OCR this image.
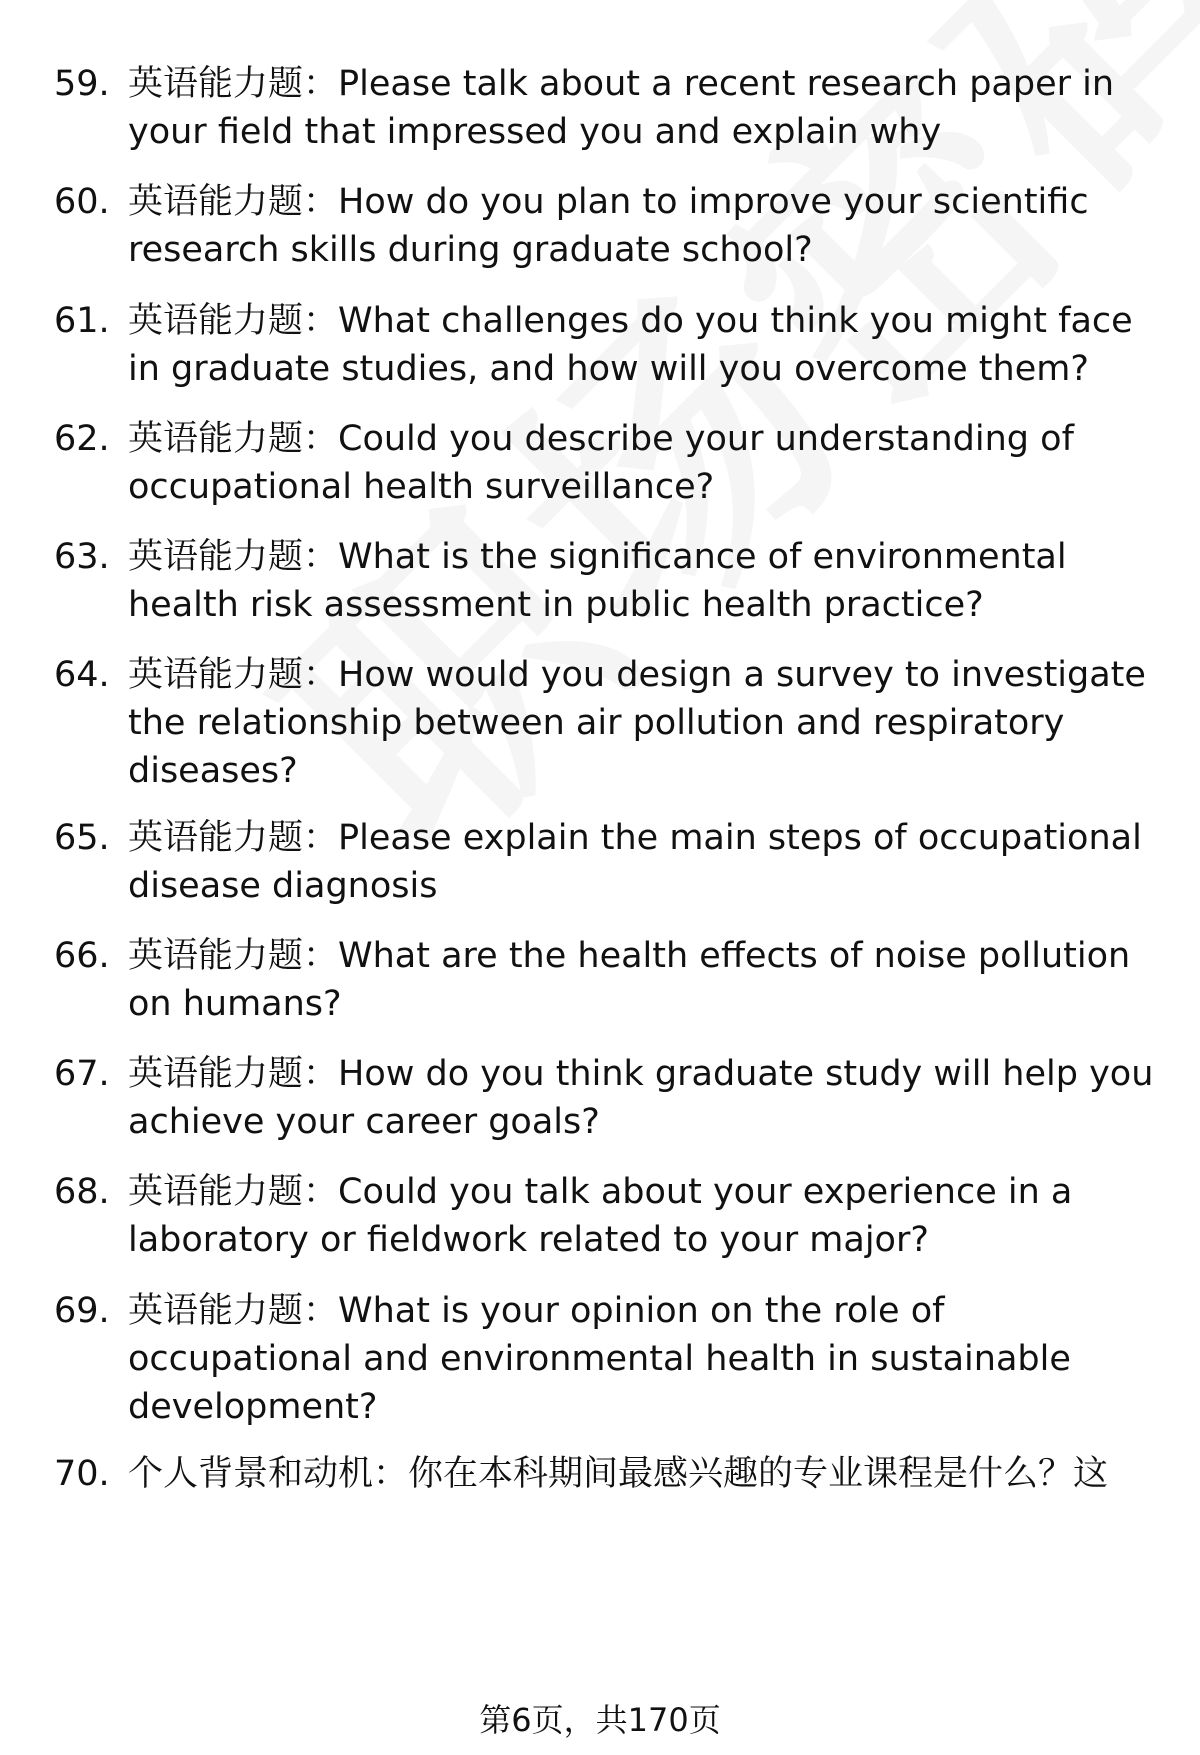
59. 英语能力题：Please talk about a recent research paper in your field that impressed you and explain why
60. 英语能力题：How do you plan to improve your scientific research skills during graduate school?
61. 英语能力题：What challenges do you think you might face in graduate studies, and how will you overcome them?
62. 英语能力题：Could you describe your understanding of occupational health surveillance?
63. 英语能力题：What is the significance of environmental health risk assessment in public health practice?
64. 英语能力题：How would you design a survey to investigate the relationship between air pollution and respiratory diseases?
65. 英语能力题：Please explain the main steps of occupational disease diagnosis
66. 英语能力题：What are the health effects of noise pollution on humans?
67. 英语能力题：How do you think graduate study will help you achieve your career goals?
68. 英语能力题：Could you talk about your experience in a laboratory or fieldwork related to your major?
69. 英语能力题：What is your opinion on the role of occupational and environmental health in sustainable development?
70. 个人背景和动机：你在本科期间最感兴趣的专业课程是什么？这
第6页，共170页
